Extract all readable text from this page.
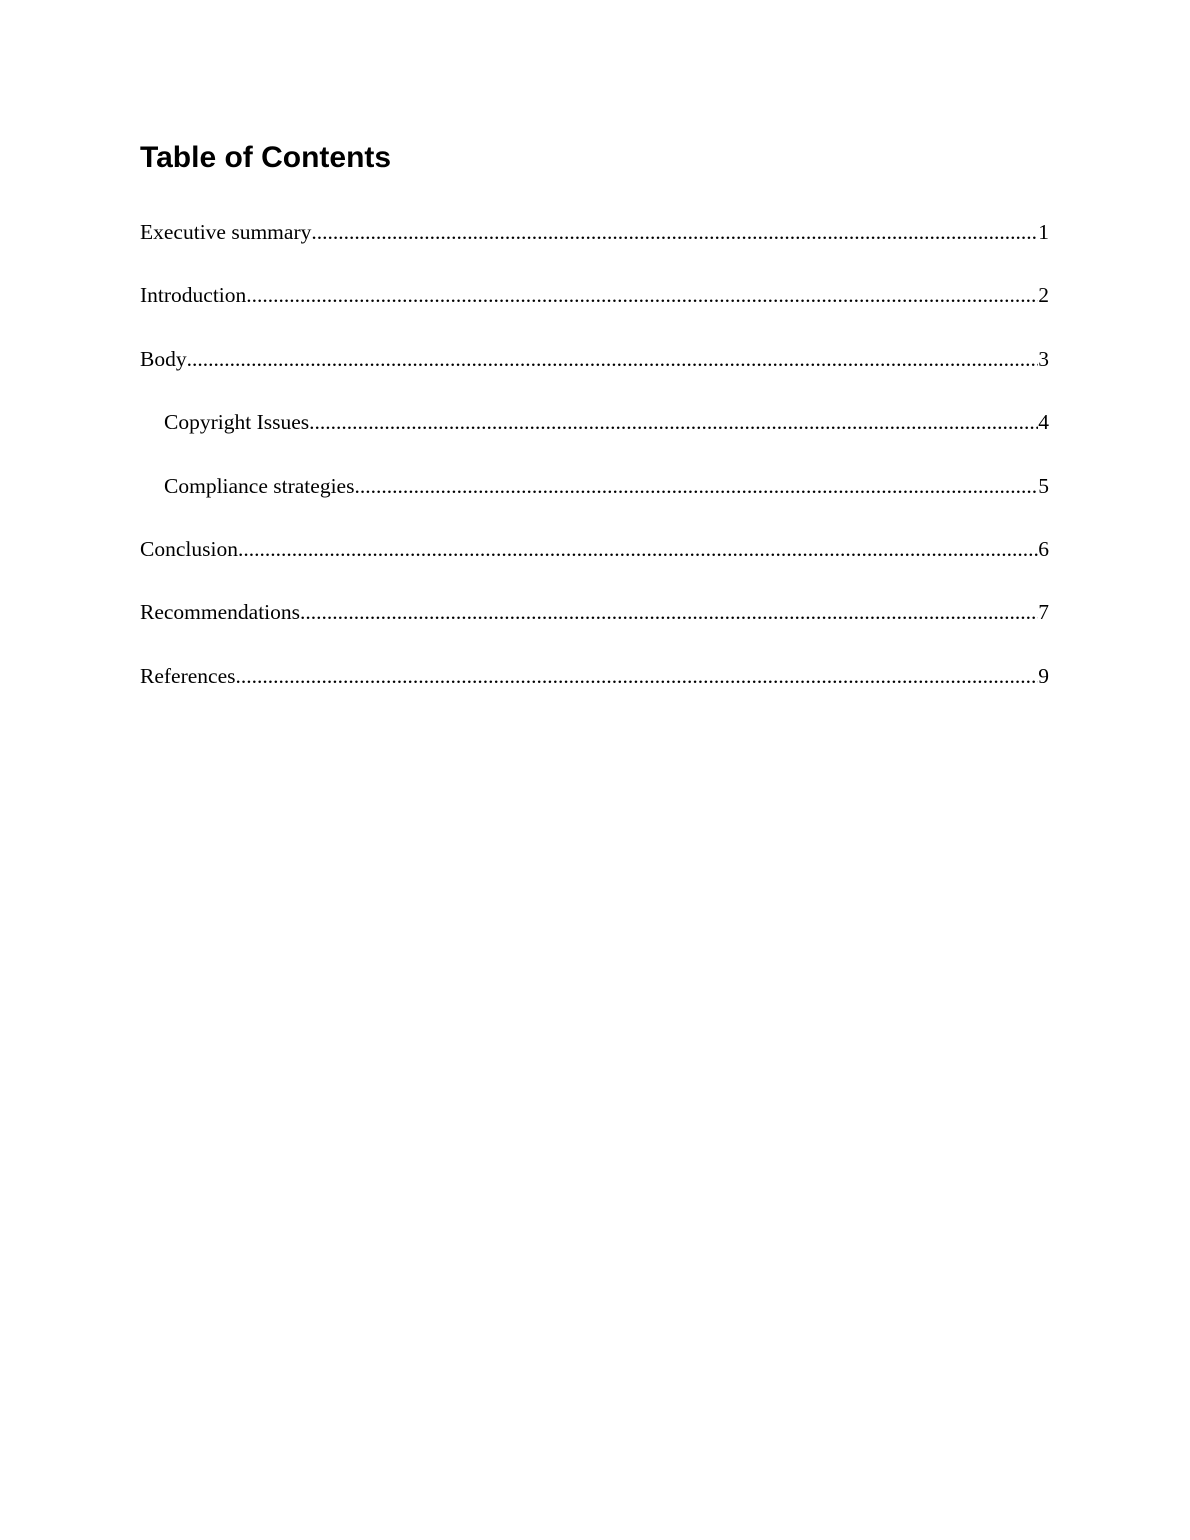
Table of Contents
Executive summary .....	1
Introduction .....	2
Body .....	3
Copyright Issues .....	4
Compliance strategies .....	5
Conclusion .....	6
Recommendations .....	7
References .....	9
